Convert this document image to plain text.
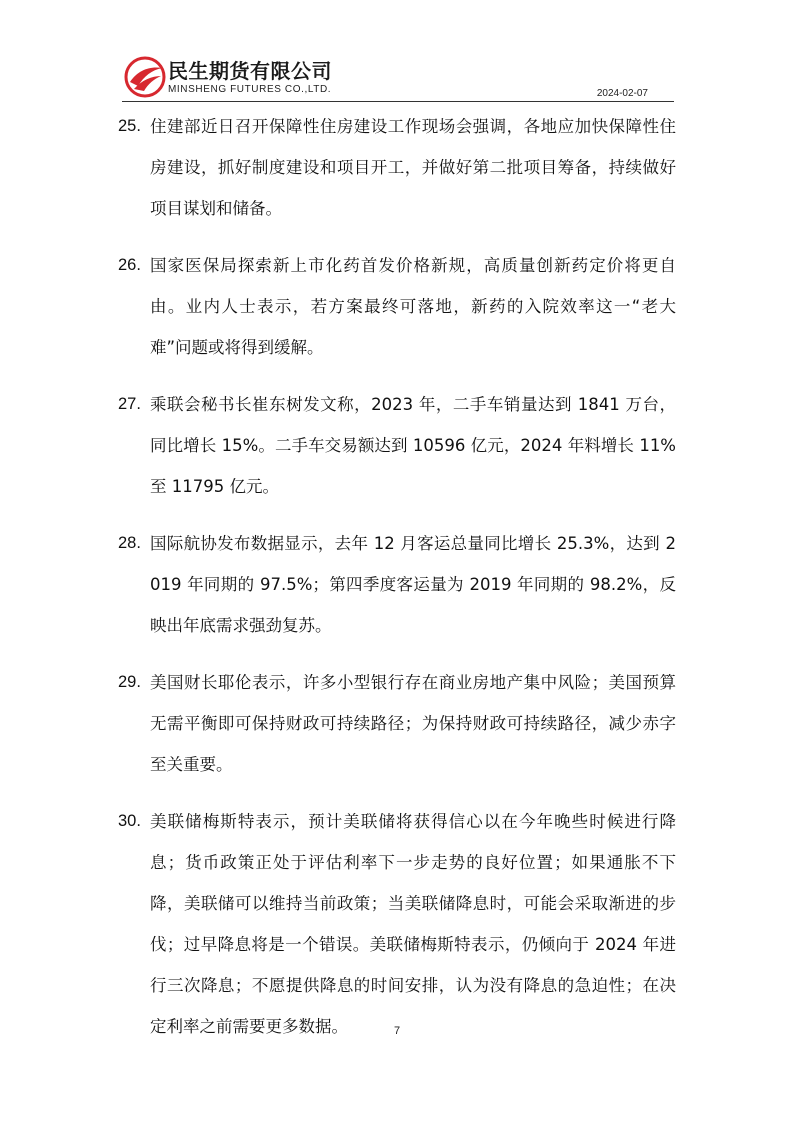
民生期货有限公司
MINSHENG FUTURES CO.,LTD.	2024-02-07
25. 住建部近日召开保障性住房建设工作现场会强调，各地应加快保障性住房建设，抓好制度建设和项目开工，并做好第二批项目筹备，持续做好项目谋划和储备。
26. 国家医保局探索新上市化药首发价格新规，高质量创新药定价将更自由。业内人士表示，若方案最终可落地，新药的入院效率这一“老大难”问题或将得到缓解。
27. 乘联会秘书长崔东树发文称，2023 年，二手车销量达到 1841 万台，同比增长 15%。二手车交易额达到 10596 亿元，2024 年料增长 11%至 11795 亿元。
28. 国际航协发布数据显示，去年 12 月客运总量同比增长 25.3%，达到 2019 年同期的 97.5%；第四季度客运量为 2019 年同期的 98.2%，反映出年底需求强劲复苏。
29. 美国财长耶伦表示，许多小型银行存在商业房地产集中风险；美国预算无需平衡即可保持财政可持续路径；为保持财政可持续路径，减少赤字至关重要。
30. 美联储梅斯特表示，预计美联储将获得信心以在今年晚些时候进行降息；货币政策正处于评估利率下一步走势的良好位置；如果通胀不下降，美联储可以维持当前政策；当美联储降息时，可能会采取渐进的步伐；过早降息将是一个错误。美联储梅斯特表示，仍倾向于 2024 年进行三次降息；不愿提供降息的时间安排，认为没有降息的急迫性；在决定利率之前需要更多数据。	7
